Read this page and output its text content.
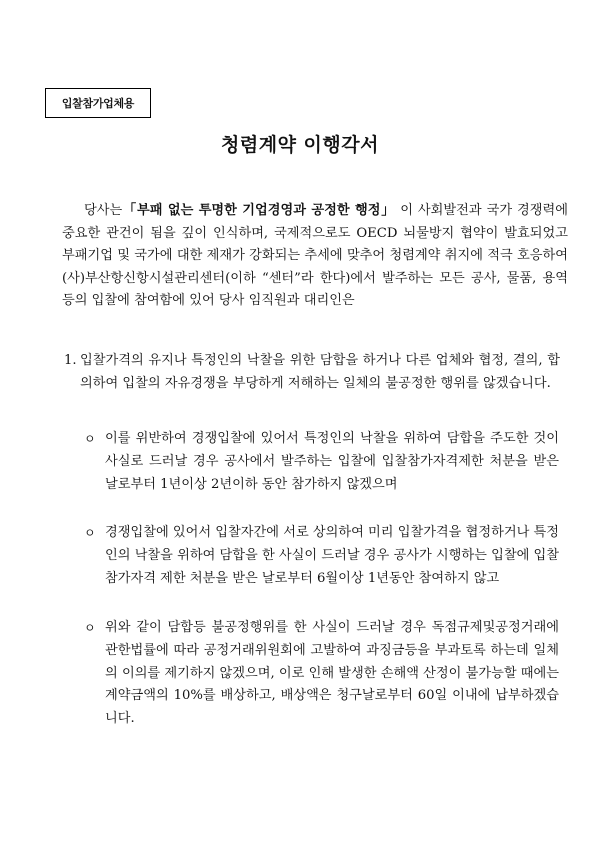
입찰참가업체용
청렴계약 이행각서
당사는「부패 없는 투명한 기업경영과 공정한 행정」 이 사회발전과 국가 경쟁력에 중요한 관건이 됨을 깊이 인식하며, 국제적으로도 OECD 뇌물방지 협약이 발효되었고 부패기업 및 국가에 대한 제재가 강화되는 추세에 맞추어 청렴계약 취지에 적극 호응하여 (사)부산항신항시설관리센터(이하 “센터”라 한다)에서 발주하는 모든 공사, 물품, 용역 등의 입찰에 참여함에 있어 당사 임직원과 대리인은
1. 입찰가격의 유지나 특정인의 낙찰을 위한 담합을 하거나 다른 업체와 협정, 결의, 합의하여 입찰의 자유경쟁을 부당하게 저해하는 일체의 불공정한 행위를 않겠습니다.
ㅇ 이를 위반하여 경쟁입찰에 있어서 특정인의 낙찰을 위하여 담합을 주도한 것이 사실로 드러날 경우 공사에서 발주하는 입찰에 입찰참가자격제한 처분을 받은 날로부터 1년이상 2년이하 동안 참가하지 않겠으며
ㅇ 경쟁입찰에 있어서 입찰자간에 서로 상의하여 미리 입찰가격을 협정하거나 특정인의 낙찰을 위하여 담합을 한 사실이 드러날 경우 공사가 시행하는 입찰에 입찰참가자격 제한 처분을 받은 날로부터 6월이상 1년동안 참여하지 않고
ㅇ 위와 같이 담합등 불공정행위를 한 사실이 드러날 경우 독점규제및공정거래에 관한법률에 따라 공정거래위원회에 고발하여 과징금등을 부과토록 하는데 일체의 이의를 제기하지 않겠으며, 이로 인해 발생한 손해액 산정이 불가능할 때에는 계약금액의 10%를 배상하고, 배상액은 청구날로부터 60일 이내에 납부하겠습니다.
